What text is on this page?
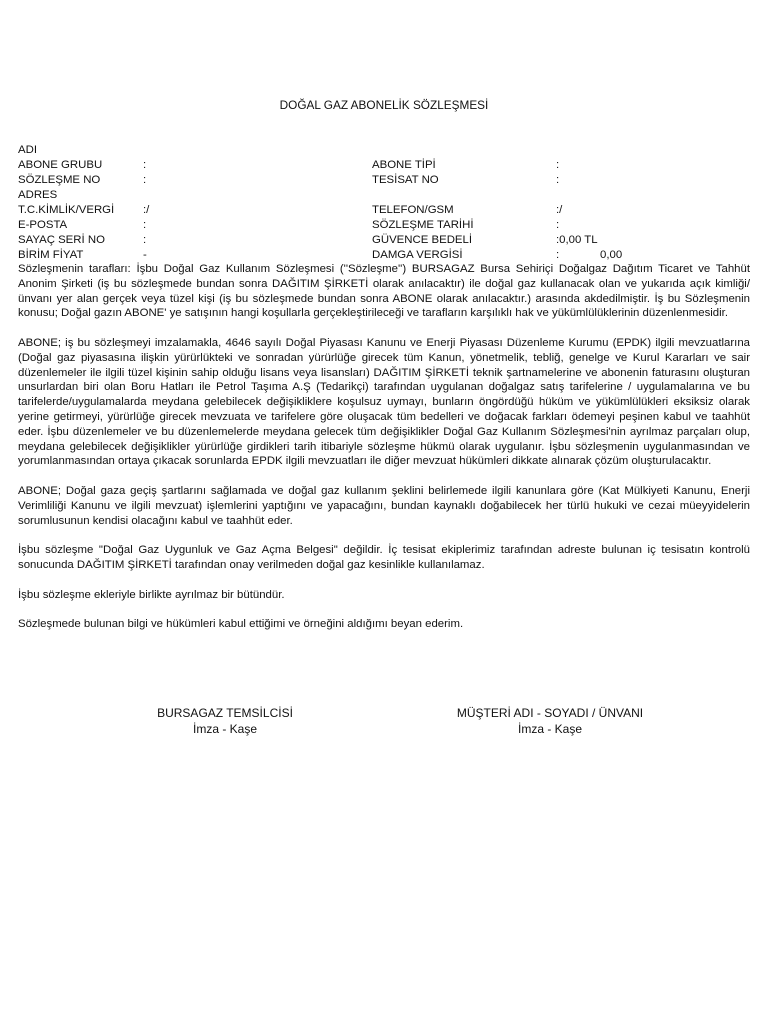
DOĞAL GAZ ABONELİK SÖZLEŞMESİ
ADI
ABONE GRUBU	:	ABONE TİPİ	:
SÖZLEŞME NO	:	TESİSAT NO	:
ADRES
T.C.KİMLİK/VERGİ	:/	TELEFON/GSM	:/
E-POSTA	:	SÖZLEŞME TARİHİ	:
SAYAÇ SERİ NO	:	GÜVENCE BEDELİ	:0,00 TL
BİRİM FİYAT	-	DAMGA VERGİSİ	:	0,00

Sözleşmenin tarafları: İşbu Doğal Gaz Kullanım Sözleşmesi (''Sözleşme'') BURSAGAZ Bursa Sehiriçi Doğalgaz Dağıtım Ticaret ve Tahhüt Anonim Şirketi (iş bu sözleşmede bundan sonra DAĞITIM ŞİRKETİ olarak anılacaktır) ile doğal gaz kullanacak olan ve yukarıda açık kimliği/ünvanı yer alan gerçek veya tüzel kişi (iş bu sözleşmede bundan sonra ABONE olarak anılacaktır.) arasında akdedilmiştir. İş bu Sözleşmenin konusu; Doğal gazın ABONE' ye satışının hangi koşullarla gerçekleştirileceği ve tarafların karşılıklı hak ve yükümlülüklerinin düzenlenmesidir.

ABONE; iş bu sözleşmeyi imzalamakla, 4646 sayılı Doğal Piyasası Kanunu ve Enerji Piyasası Düzenleme Kurumu (EPDK) ilgili mevzuatlarına (Doğal gaz piyasasına ilişkin yürürlükteki ve sonradan yürürlüğe girecek tüm Kanun, yönetmelik, tebliğ, genelge ve Kurul Kararları ve sair düzenlemeler ile ilgili tüzel kişinin sahip olduğu lisans veya lisansları) DAĞITIM ŞİRKETİ teknik şartnamelerine ve abonenin faturasını oluşturan unsurlardan biri olan Boru Hatları ile Petrol Taşıma A.Ş (Tedarikçi) tarafından uygulanan doğalgaz satış tarifelerine / uygulamalarına ve bu tarifelerde/uygulamalarda meydana gelebilecek değişikliklere koşulsuz uymayı, bunların öngördüğü hüküm ve yükümlülükleri eksiksiz olarak yerine getirmeyi, yürürlüğe girecek mevzuata ve tarifelere göre oluşacak tüm bedelleri ve doğacak farkları ödemeyi peşinen kabul ve taahhüt eder. İşbu düzenlemeler ve bu düzenlemelerde meydana gelecek tüm değişiklikler Doğal Gaz Kullanım Sözleşmesi'nin ayrılmaz parçaları olup, meydana gelebilecek değişiklikler yürürlüğe girdikleri tarih itibariyle sözleşme hükmü olarak uygulanır. İşbu sözleşmenin uygulanmasından ve yorumlanmasından ortaya çıkacak sorunlarda EPDK ilgili mevzuatları ile diğer mevzuat hükümleri dikkate alınarak çözüm oluşturulacaktır.

ABONE; Doğal gaza geçiş şartlarını sağlamada ve doğal gaz kullanım şeklini belirlemede ilgili kanunlara göre (Kat Mülkiyeti Kanunu, Enerji Verimliliği Kanunu ve ilgili mevzuat) işlemlerini yaptığını ve yapacağını, bundan kaynaklı doğabilecek her türlü hukuki ve cezai müeyyidelerin sorumlusunun kendisi olacağını kabul ve taahhüt eder.

İşbu sözleşme "Doğal Gaz Uygunluk ve Gaz Açma Belgesi" değildir. İç tesisat ekiplerimiz tarafından adreste bulunan iç tesisatın kontrolü sonucunda DAĞITIM ŞİRKETİ tarafından onay verilmeden doğal gaz kesinlikle kullanılamaz.

İşbu sözleşme ekleriyle birlikte ayrılmaz bir bütündür.

Sözleşmede bulunan bilgi ve hükümleri kabul ettiğimi ve örneğini aldığımı beyan ederim.

BURSAGAZ TEMSİLCİSİ
İmza - Kaşe
MÜŞTERİ ADI - SOYADI / ÜNVANI
İmza - Kaşe
